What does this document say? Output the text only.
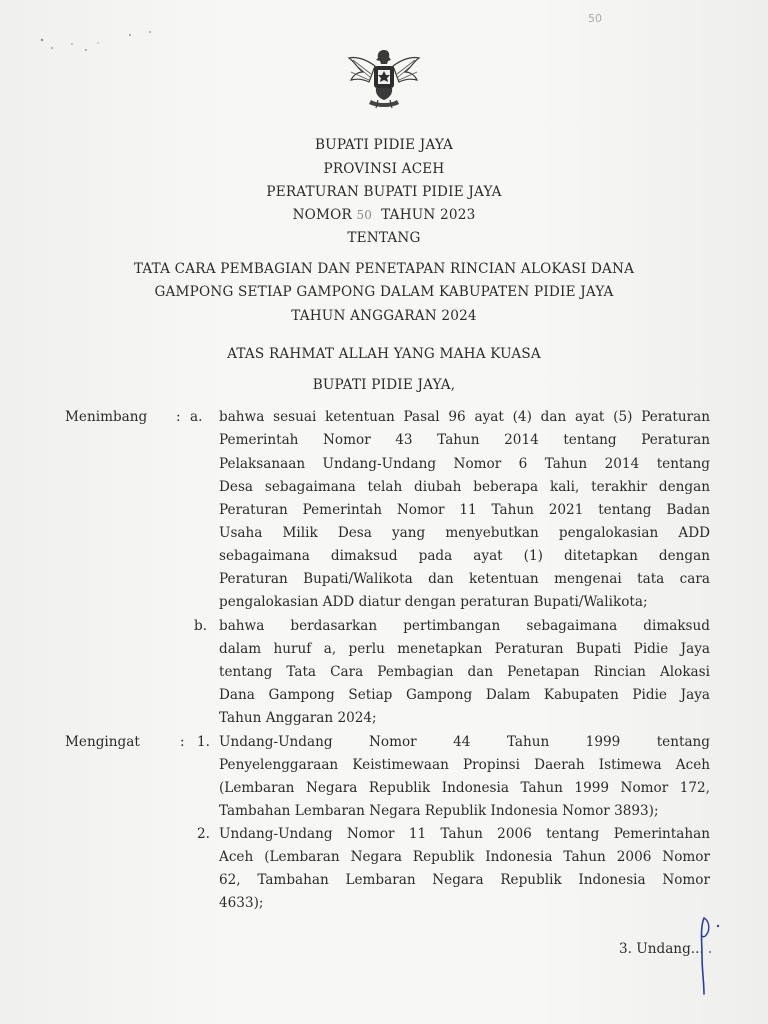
50
BUPATI PIDIE JAYA
PROVINSI ACEH
PERATURAN BUPATI PIDIE JAYA
NOMOR 50 TAHUN 2023
TENTANG
TATA CARA PEMBAGIAN DAN PENETAPAN RINCIAN ALOKASI DANA
GAMPONG SETIAP GAMPONG DALAM KABUPATEN PIDIE JAYA
TAHUN ANGGARAN 2024
ATAS RAHMAT ALLAH YANG MAHA KUASA
BUPATI PIDIE JAYA,
Menimbang : a. bahwa sesuai ketentuan Pasal 96 ayat (4) dan ayat (5) Peraturan
Pemerintah Nomor 43 Tahun 2014 tentang Peraturan
Pelaksanaan Undang-Undang Nomor 6 Tahun 2014 tentang
Desa sebagaimana telah diubah beberapa kali, terakhir dengan
Peraturan Pemerintah Nomor 11 Tahun 2021 tentang Badan
Usaha Milik Desa yang menyebutkan pengalokasian ADD
sebagaimana dimaksud pada ayat (1) ditetapkan dengan
Peraturan Bupati/Walikota dan ketentuan mengenai tata cara
pengalokasian ADD diatur dengan peraturan Bupati/Walikota;
b. bahwa berdasarkan pertimbangan sebagaimana dimaksud
dalam huruf a, perlu menetapkan Peraturan Bupati Pidie Jaya
tentang Tata Cara Pembagian dan Penetapan Rincian Alokasi
Dana Gampong Setiap Gampong Dalam Kabupaten Pidie Jaya
Tahun Anggaran 2024;
Mengingat	: 1. Undang-Undang Nomor 44 Tahun 1999 tentang
Penyelenggaraan Keistimewaan Propinsi Daerah Istimewa Aceh
(Lembaran Negara Republik Indonesia Tahun 1999 Nomor 172,
Tambahan Lembaran Negara Republik Indonesia Nomor 3893);
2. Undang-Undang Nomor 11 Tahun 2006 tentang Pemerintahan
Aceh (Lembaran Negara Republik Indonesia Tahun 2006 Nomor
62, Tambahan Lembaran Negara Republik Indonesia Nomor
4633);
3. Undang...
